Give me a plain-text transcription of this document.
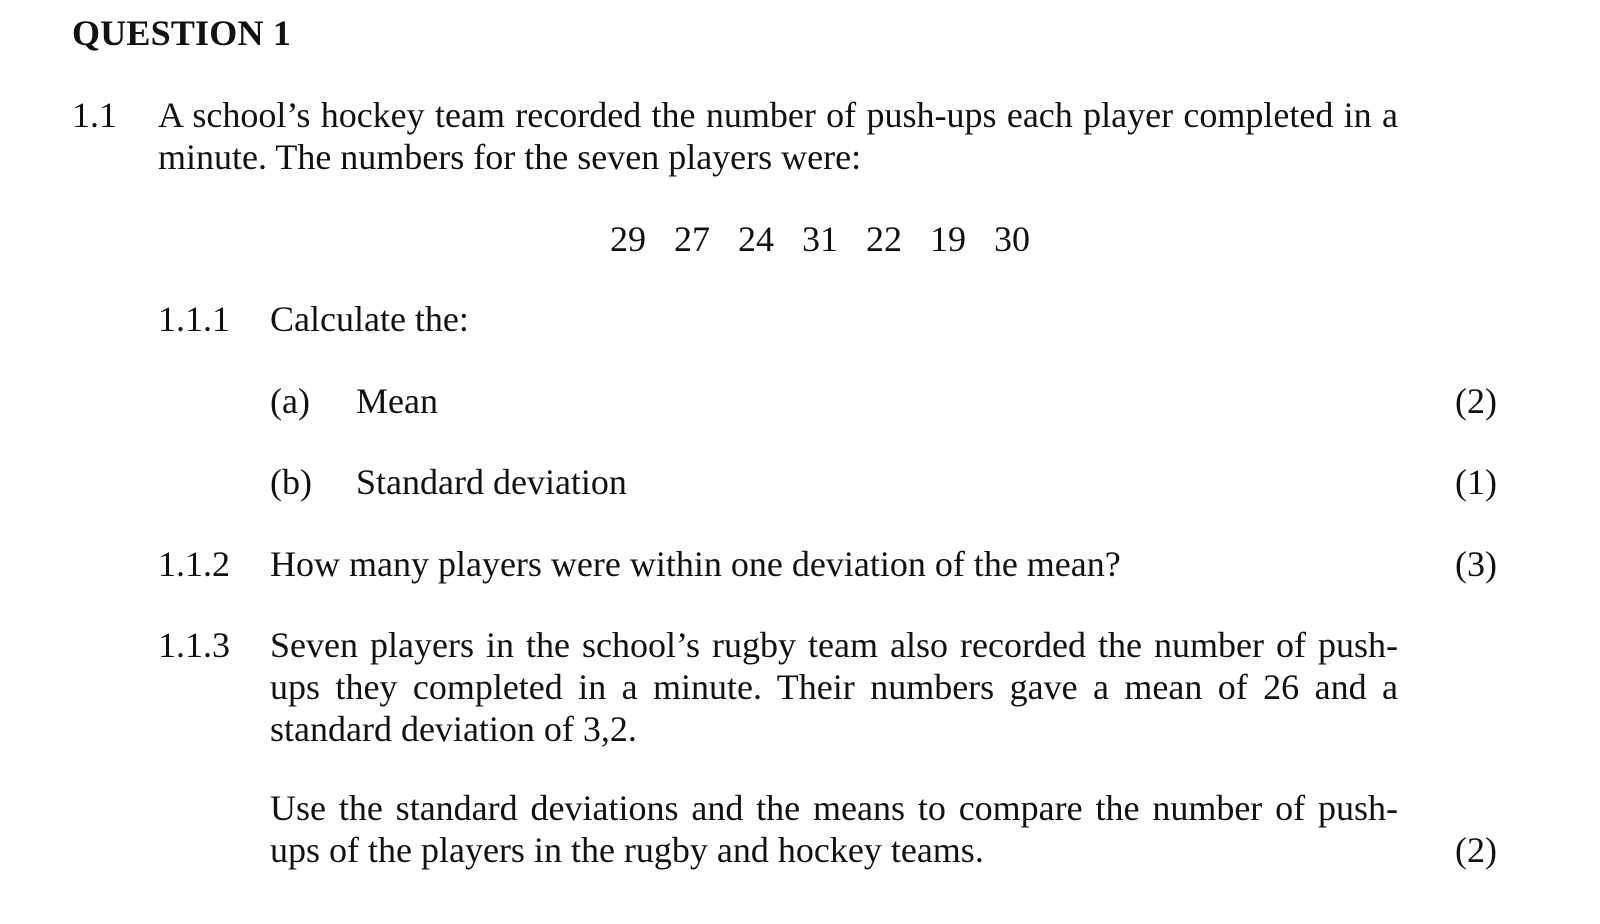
QUESTION 1
1.1 A school’s hockey team recorded the number of push-ups each player completed in a minute. The numbers for the seven players were:
29 27 24 31 22 19 30
1.1.1 Calculate the:
(a) Mean	(2)
(b) Standard deviation	(1)
1.1.2 How many players were within one deviation of the mean?	(3)
1.1.3 Seven players in the school’s rugby team also recorded the number of push-ups they completed in a minute. Their numbers gave a mean of 26 and a standard deviation of 3,2.
Use the standard deviations and the means to compare the number of push-ups of the players in the rugby and hockey teams.	(2)
